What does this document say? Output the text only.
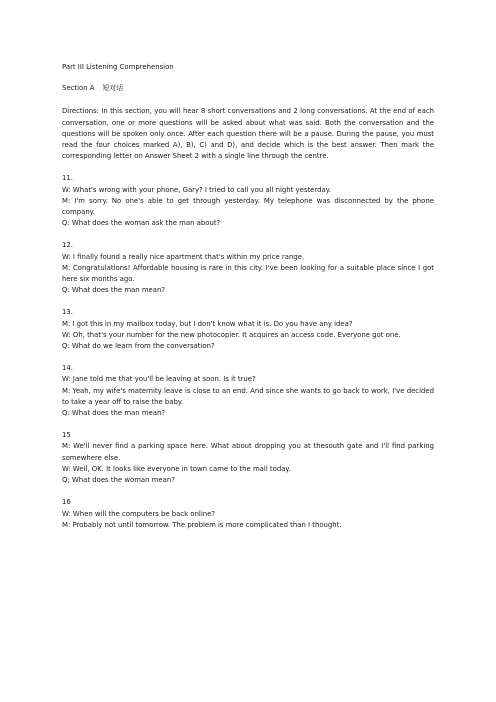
Part III Listening Comprehension
Section A 短对话
Directions: In this section, you will hear 8 short conversations and 2 long conversations. At the end of each conversation, one or more questions will be asked about what was said. Both the conversation and the questions will be spoken only once. After each question there will be a pause. During the pause, you must read the four choices marked A), B), C) and D), and decide which is the best answer. Then mark the corresponding letter on Answer Sheet 2 with a single line through the centre.
11.
W: What's wrong with your phone, Gary? I tried to call you all night yesterday.
M: I'm sorry. No one's able to get through yesterday. My telephone was disconnected by the phone company.
Q: What does the woman ask the man about?
12.
W: I finally found a really nice apartment that's within my price range.
M: Congratulations! Affordable housing is rare in this city. I've been looking for a suitable place since I got here six months ago.
Q: What does the man mean?
13.
M: I got this in my mailbox today, but I don't know what it is. Do you have any idea?
W: Oh, that's your number for the new photocopier. It acquires an access code. Everyone got one.
Q: What do we learn from the conversation?
14.
W: Jane told me that you'll be leaving at soon. Is it true?
M: Yeah, my wife's maternity leave is close to an end. And since she wants to go back to work, I've decided to take a year off to raise the baby.
Q: What does the man mean?
15
M: We'll never find a parking space here. What about dropping you at thesouth gate and I'll find parking somewhere else.
W: Well, OK. It looks like everyone in town came to the mall today.
Q; What does the woman mean?
16
W: When will the computers be back online?
M: Probably not until tomorrow. The problem is more complicated than I thought.
